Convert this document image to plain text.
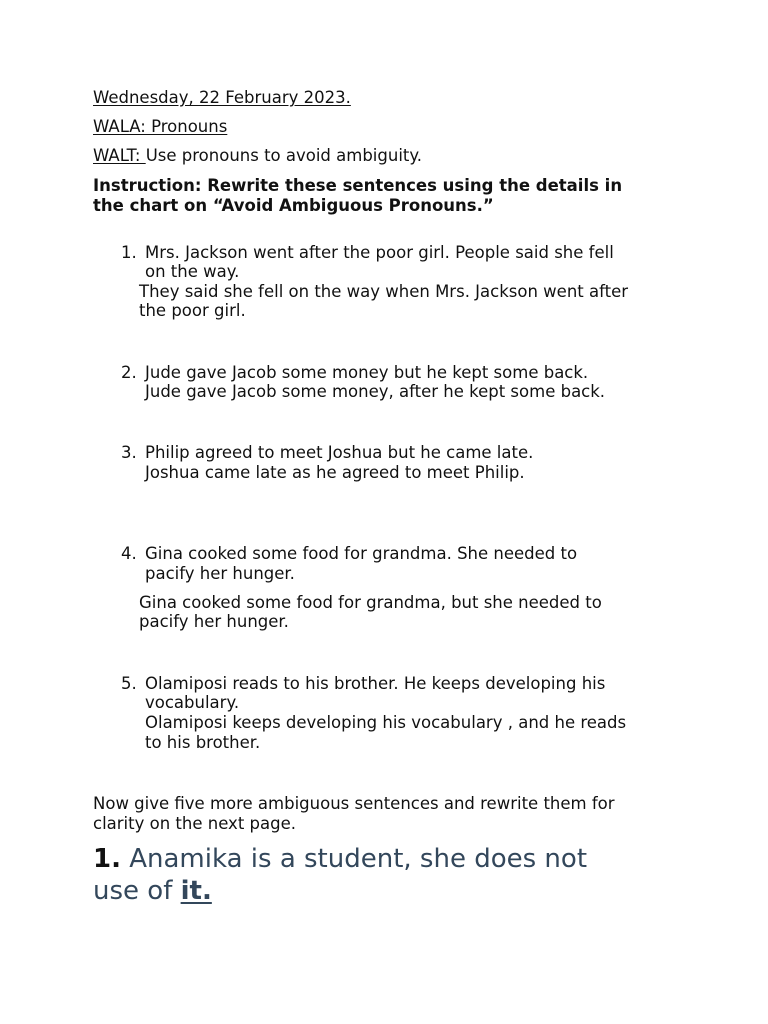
Wednesday, 22 February 2023.
WALA: Pronouns
WALT: Use pronouns to avoid ambiguity.
Instruction: Rewrite these sentences using the details in
the chart on “Avoid Ambiguous Pronouns.”
1. Mrs. Jackson went after the poor girl. People said she fell
on the way.
They said she fell on the way when Mrs. Jackson went after
the poor girl.
2. Jude gave Jacob some money but he kept some back.
Jude gave Jacob some money, after he kept some back.
3. Philip agreed to meet Joshua but he came late.
Joshua came late as he agreed to meet Philip.
4. Gina cooked some food for grandma. She needed to
pacify her hunger.
Gina cooked some food for grandma, but she needed to
pacify her hunger.
5. Olamiposi reads to his brother. He keeps developing his
vocabulary.
Olamiposi keeps developing his vocabulary , and he reads
to his brother.
Now give five more ambiguous sentences and rewrite them for
clarity on the next page.
1. Anamika is a student, she does not
use of it.
